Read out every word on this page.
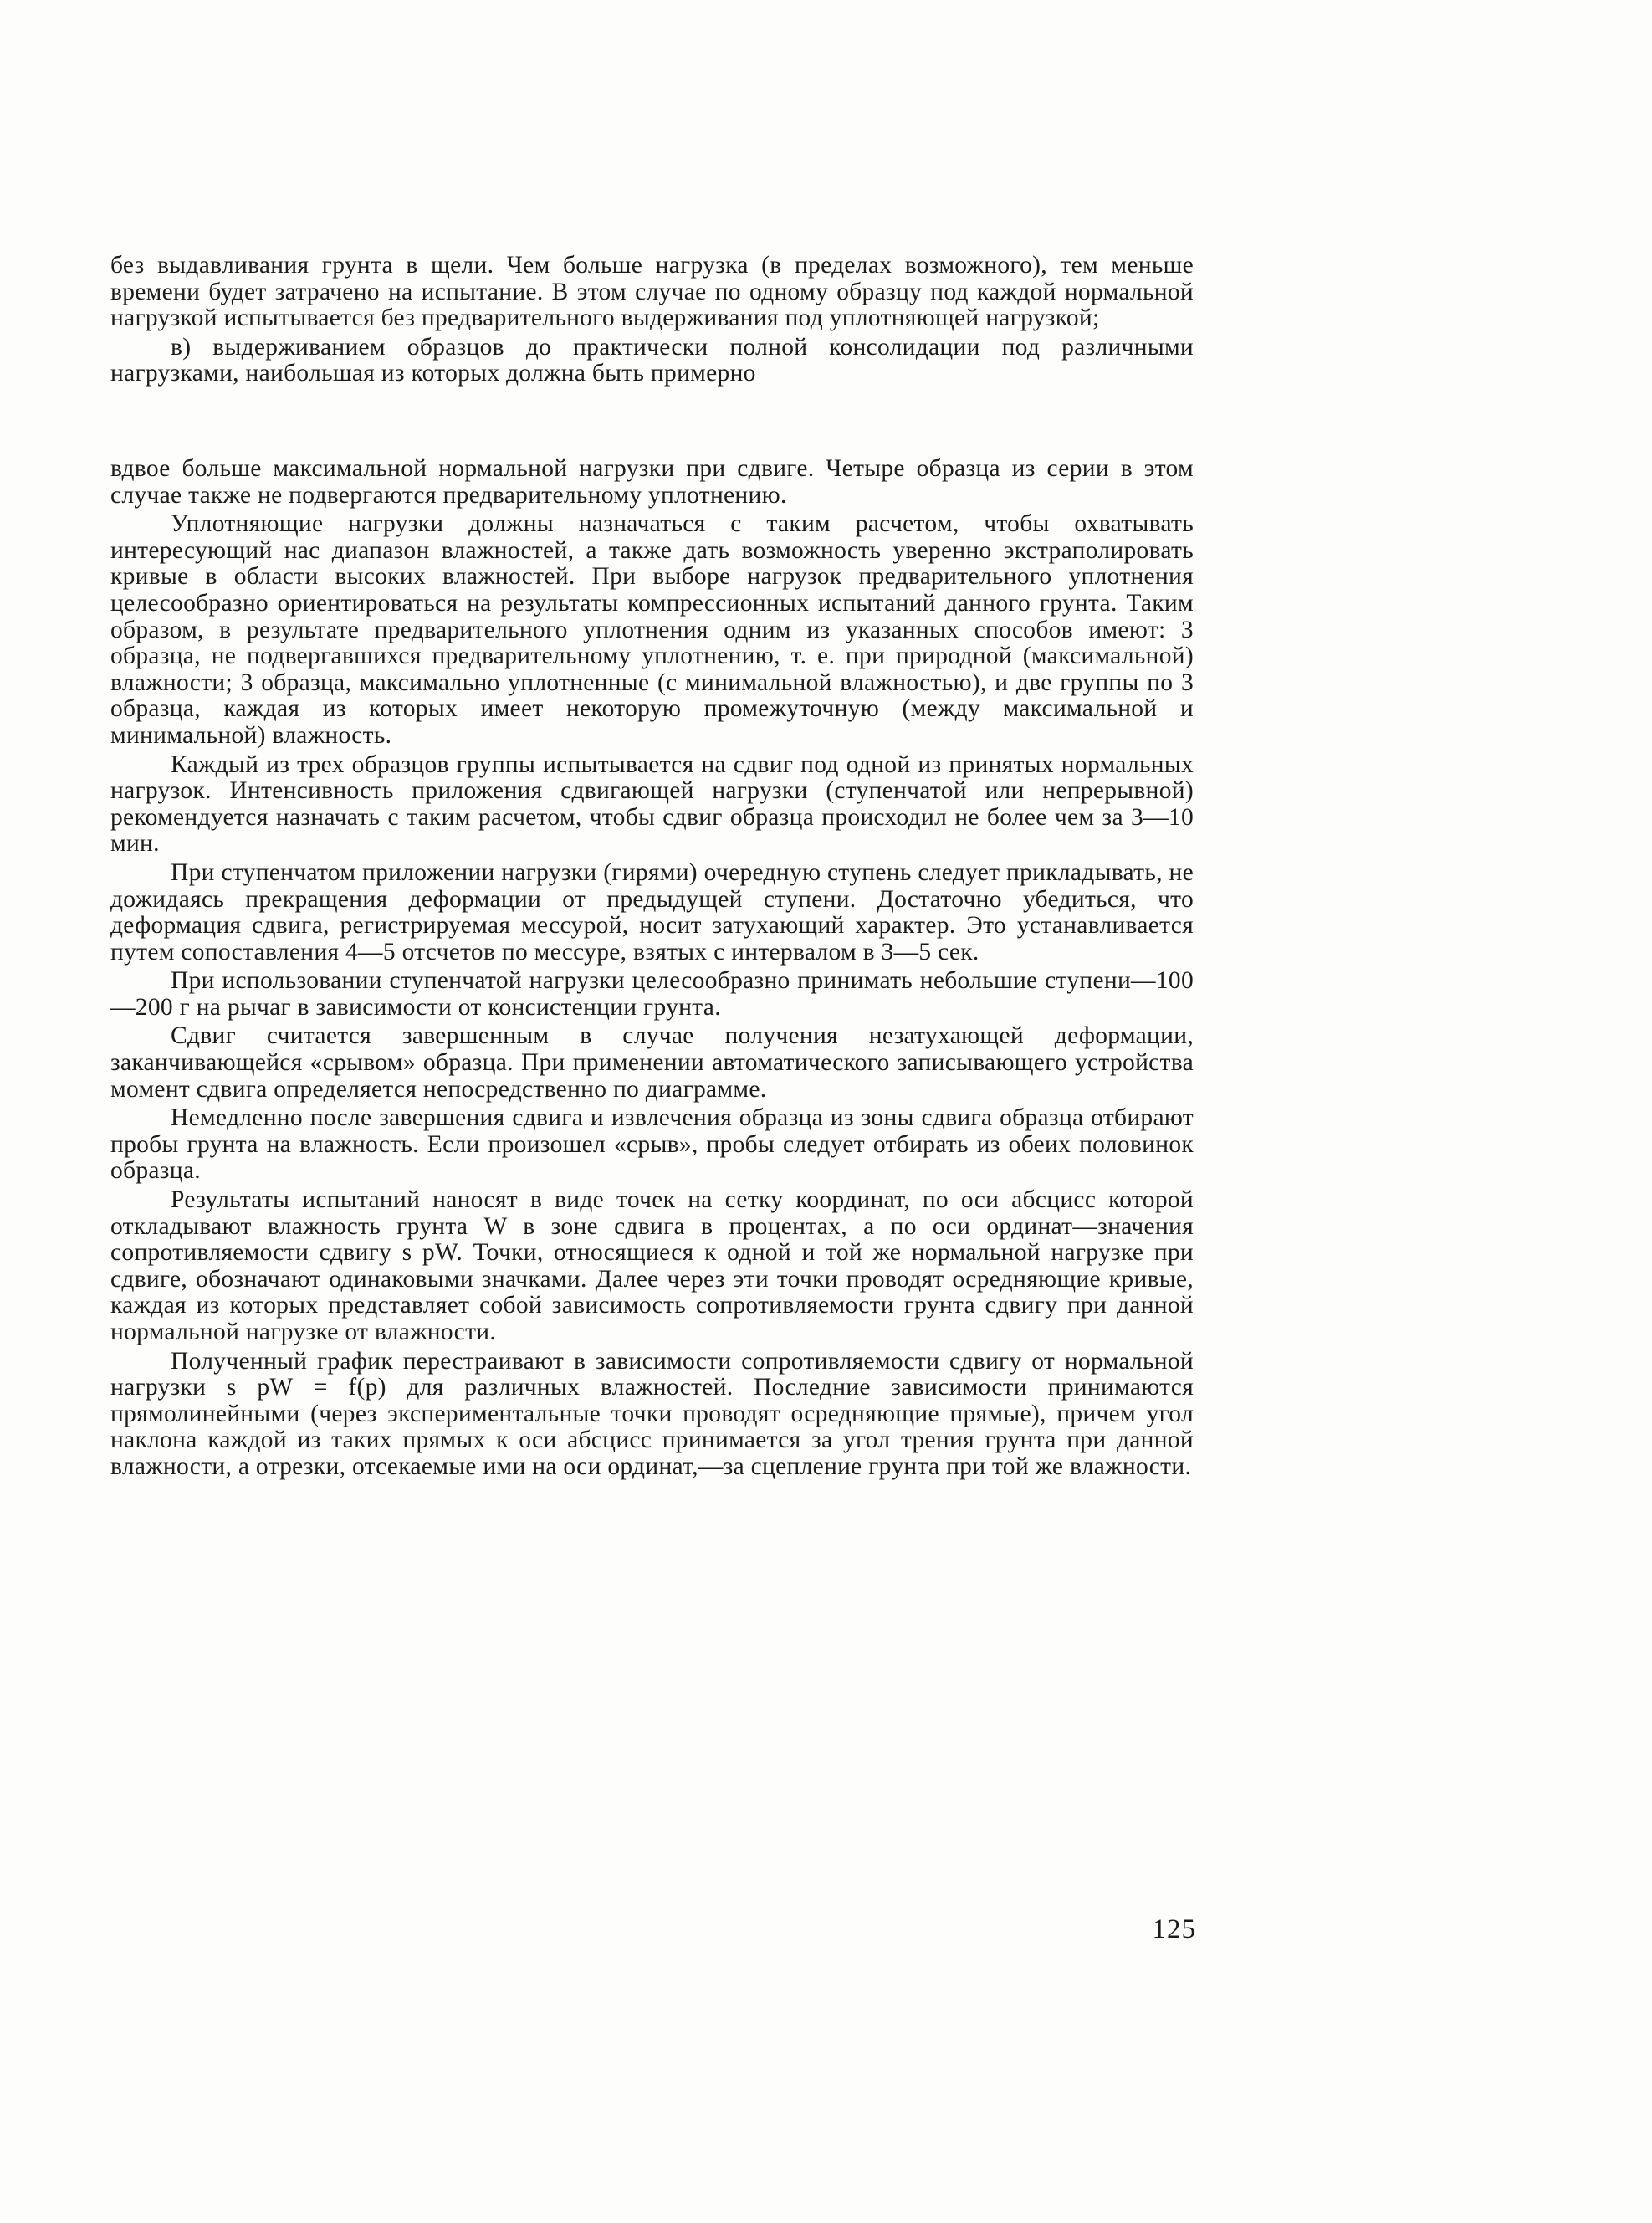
без выдавливания грунта в щели. Чем больше нагрузка (в пределах возможного), тем меньше времени будет затрачено на испытание. В этом случае по одному образцу под каждой нормальной нагрузкой испытывается без предварительного выдерживания под уплотняющей нагрузкой;

в) выдерживанием образцов до практически полной консолидации под различными нагрузками, наибольшая из которых должна быть примерно

вдвое больше максимальной нормальной нагрузки при сдвиге. Четыре образца из серии в этом случае также не подвергаются предварительному уплотнению.

Уплотняющие нагрузки должны назначаться с таким расчетом, чтобы охватывать интересующий нас диапазон влажностей, а также дать возможность уверенно экстраполировать кривые в области высоких влажностей. При выборе нагрузок предварительного уплотнения целесообразно ориентироваться на результаты компрессионных испытаний данного грунта. Таким образом, в результате предварительного уплотнения одним из указанных способов имеют: 3 образца, не подвергавшихся предварительному уплотнению, т. е. при природной (максимальной) влажности; 3 образца, максимально уплотненные (с минимальной влажностью), и две группы по 3 образца, каждая из которых имеет некоторую промежуточную (между максимальной и минимальной) влажность.

Каждый из трех образцов группы испытывается на сдвиг под одной из принятых нормальных нагрузок. Интенсивность приложения сдвигающей нагрузки (ступенчатой или непрерывной) рекомендуется назначать с таким расчетом, чтобы сдвиг образца происходил не более чем за 3—10 мин.

При ступенчатом приложении нагрузки (гирями) очередную ступень следует прикладывать, не дожидаясь прекращения деформации от предыдущей ступени. Достаточно убедиться, что деформация сдвига, регистрируемая мессурой, носит затухающий характер. Это устанавливается путем сопоставления 4—5 отсчетов по мессуре, взятых с интервалом в 3—5 сек.

При использовании ступенчатой нагрузки целесообразно принимать небольшие ступени—100—200 г на рычаг в зависимости от консистенции грунта.

Сдвиг считается завершенным в случае получения незатухающей деформации, заканчивающейся «срывом» образца. При применении автоматического записывающего устройства момент сдвига определяется непосредственно по диаграмме.

Немедленно после завершения сдвига и извлечения образца из зоны сдвига образца отбирают пробы грунта на влажность. Если произошел «срыв», пробы следует отбирать из обеих половинок образца.

Результаты испытаний наносят в виде точек на сетку координат, по оси абсцисс которой откладывают влажность грунта W в зоне сдвига в процентах, а по оси ординат—значения сопротивляемости сдвигу s pW. Точки, относящиеся к одной и той же нормальной нагрузке при сдвиге, обозначают одинаковыми значками. Далее через эти точки проводят осредняющие кривые, каждая из которых представляет собой зависимость сопротивляемости грунта сдвигу при данной нормальной нагрузке от влажности.

Полученный график перестраивают в зависимости сопротивляемости сдвигу от нормальной нагрузки s pW = f(p) для различных влажностей. Последние зависимости принимаются прямолинейными (через экспериментальные точки проводят осредняющие прямые), причем угол наклона каждой из таких прямых к оси абсцисс принимается за угол трения грунта при данной влажности, а отрезки, отсекаемые ими на оси ординат,—за сцепление грунта при той же влажности.

125
